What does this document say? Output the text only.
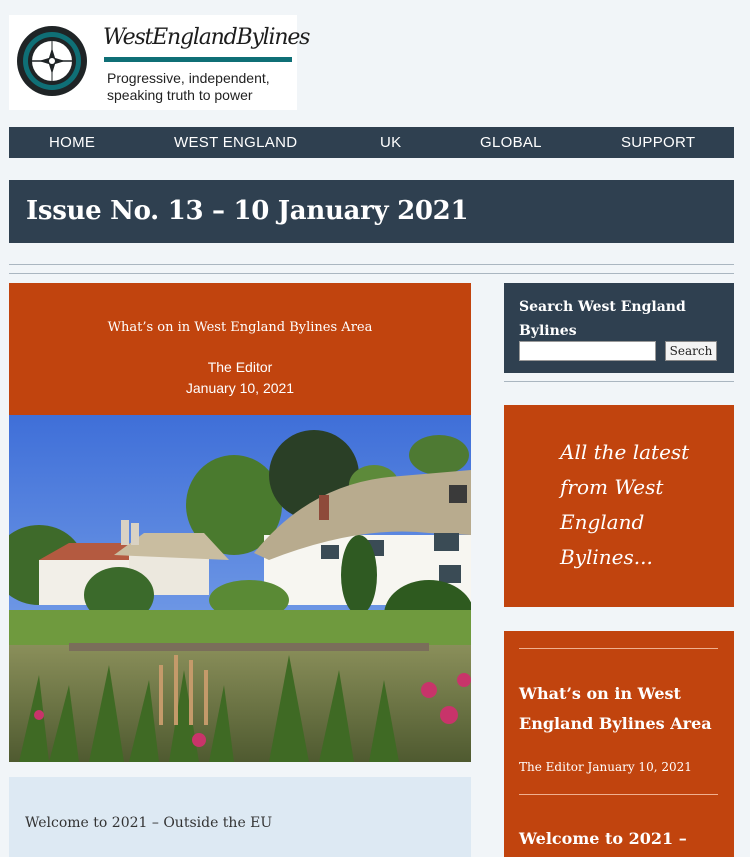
WestEnglandBylines
Progressive, independent,
speaking truth to power
HOME	WEST ENGLAND	UK	GLOBAL	SUPPORT
Issue No. 13 – 10 January 2021
What’s on in West England Bylines Area
The Editor
January 10, 2021
Welcome to 2021 – Outside the EU
Search West England Bylines
Search
All the latest from West England Bylines...
What’s on in West England Bylines Area
The Editor January 10, 2021
Welcome to 2021 –
